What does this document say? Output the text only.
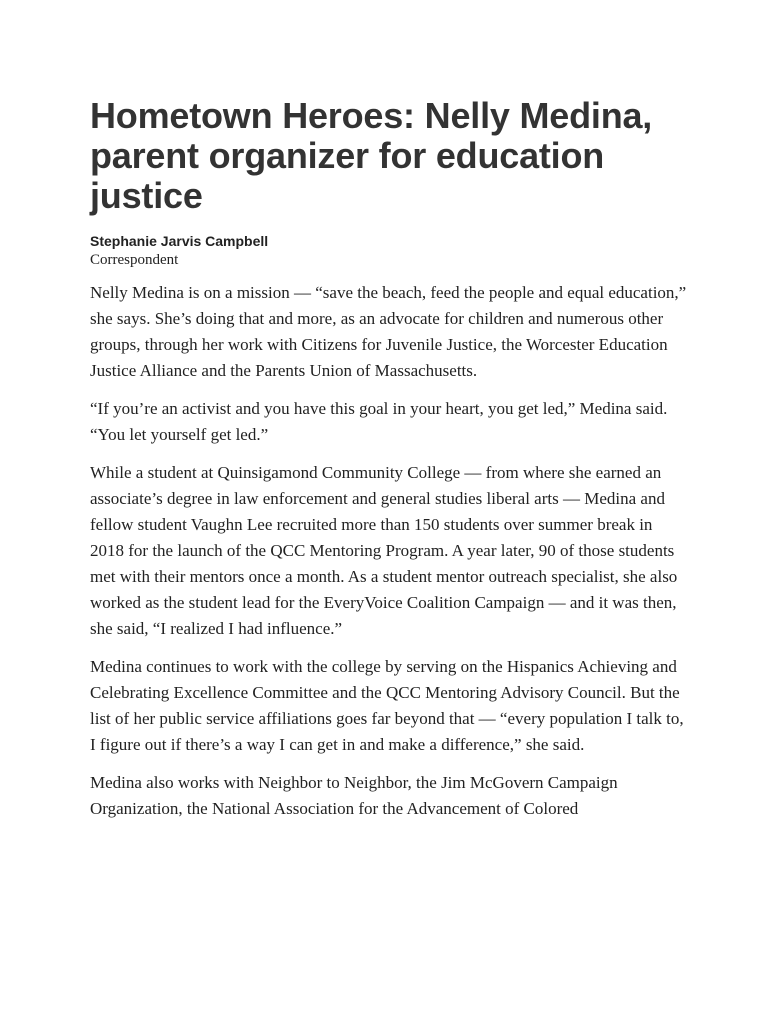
Hometown Heroes: Nelly Medina, parent organizer for education justice
Stephanie Jarvis Campbell
Correspondent

Nelly Medina is on a mission — “save the beach, feed the people and equal education,” she says. She’s doing that and more, as an advocate for children and numerous other groups, through her work with Citizens for Juvenile Justice, the Worcester Education Justice Alliance and the Parents Union of Massachusetts.

“If you’re an activist and you have this goal in your heart, you get led,” Medina said. “You let yourself get led.”

While a student at Quinsigamond Community College — from where she earned an associate’s degree in law enforcement and general studies liberal arts — Medina and fellow student Vaughn Lee recruited more than 150 students over summer break in 2018 for the launch of the QCC Mentoring Program. A year later, 90 of those students met with their mentors once a month. As a student mentor outreach specialist, she also worked as the student lead for the EveryVoice Coalition Campaign — and it was then, she said, “I realized I had influence.”

Medina continues to work with the college by serving on the Hispanics Achieving and Celebrating Excellence Committee and the QCC Mentoring Advisory Council. But the list of her public service affiliations goes far beyond that — “every population I talk to, I figure out if there’s a way I can get in and make a difference,” she said.

Medina also works with Neighbor to Neighbor, the Jim McGovern Campaign Organization, the National Association for the Advancement of Colored
